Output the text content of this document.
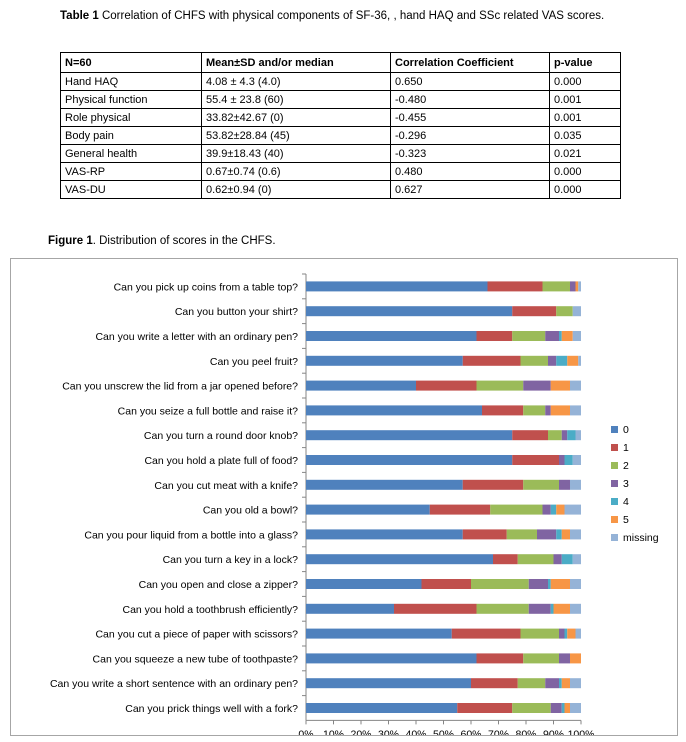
Table 1 Correlation of CHFS with physical components of SF-36, , hand HAQ and SSc related VAS scores.
N=60	Mean±SD and/or median	Correlation Coefficient	p-value
Hand HAQ	4.08 ± 4.3 (4.0)	0.650	0.000
Physical function	55.4 ± 23.8 (60)	-0.480	0.001
Role physical	33.82±42.67 (0)	-0.455	0.001
Body pain	53.82±28.84 (45)	-0.296	0.035
General health	39.9±18.43 (40)	-0.323	0.021
VAS-RP	0.67±0.74 (0.6)	0.480	0.000
VAS-DU	0.62±0.94 (0)	0.627	0.000
Figure 1. Distribution of scores in the CHFS.
Can you pick up coins from a table top?
Can you button your shirt?
Can you write a letter with an ordinary pen?
Can you peel fruit?
Can you unscrew the lid from a jar opened before?
Can you seize a full bottle and raise it?
Can you turn a round door knob?
Can you hold a plate full of food?
Can you cut meat with a knife?
Can you old a bowl?
Can you pour liquid from a bottle into a glass?
Can you turn a key in a lock?
Can you open and close a zipper?
Can you hold a toothbrush efficiently?
Can you cut a piece of paper with scissors?
Can you squeeze a new tube of toothpaste?
Can you write a short sentence with an ordinary pen?
Can you prick things well with a fork?
0% 10% 20% 30% 40% 50% 60% 70% 80% 90% 100%
0
1
2
3
4
5
missing
